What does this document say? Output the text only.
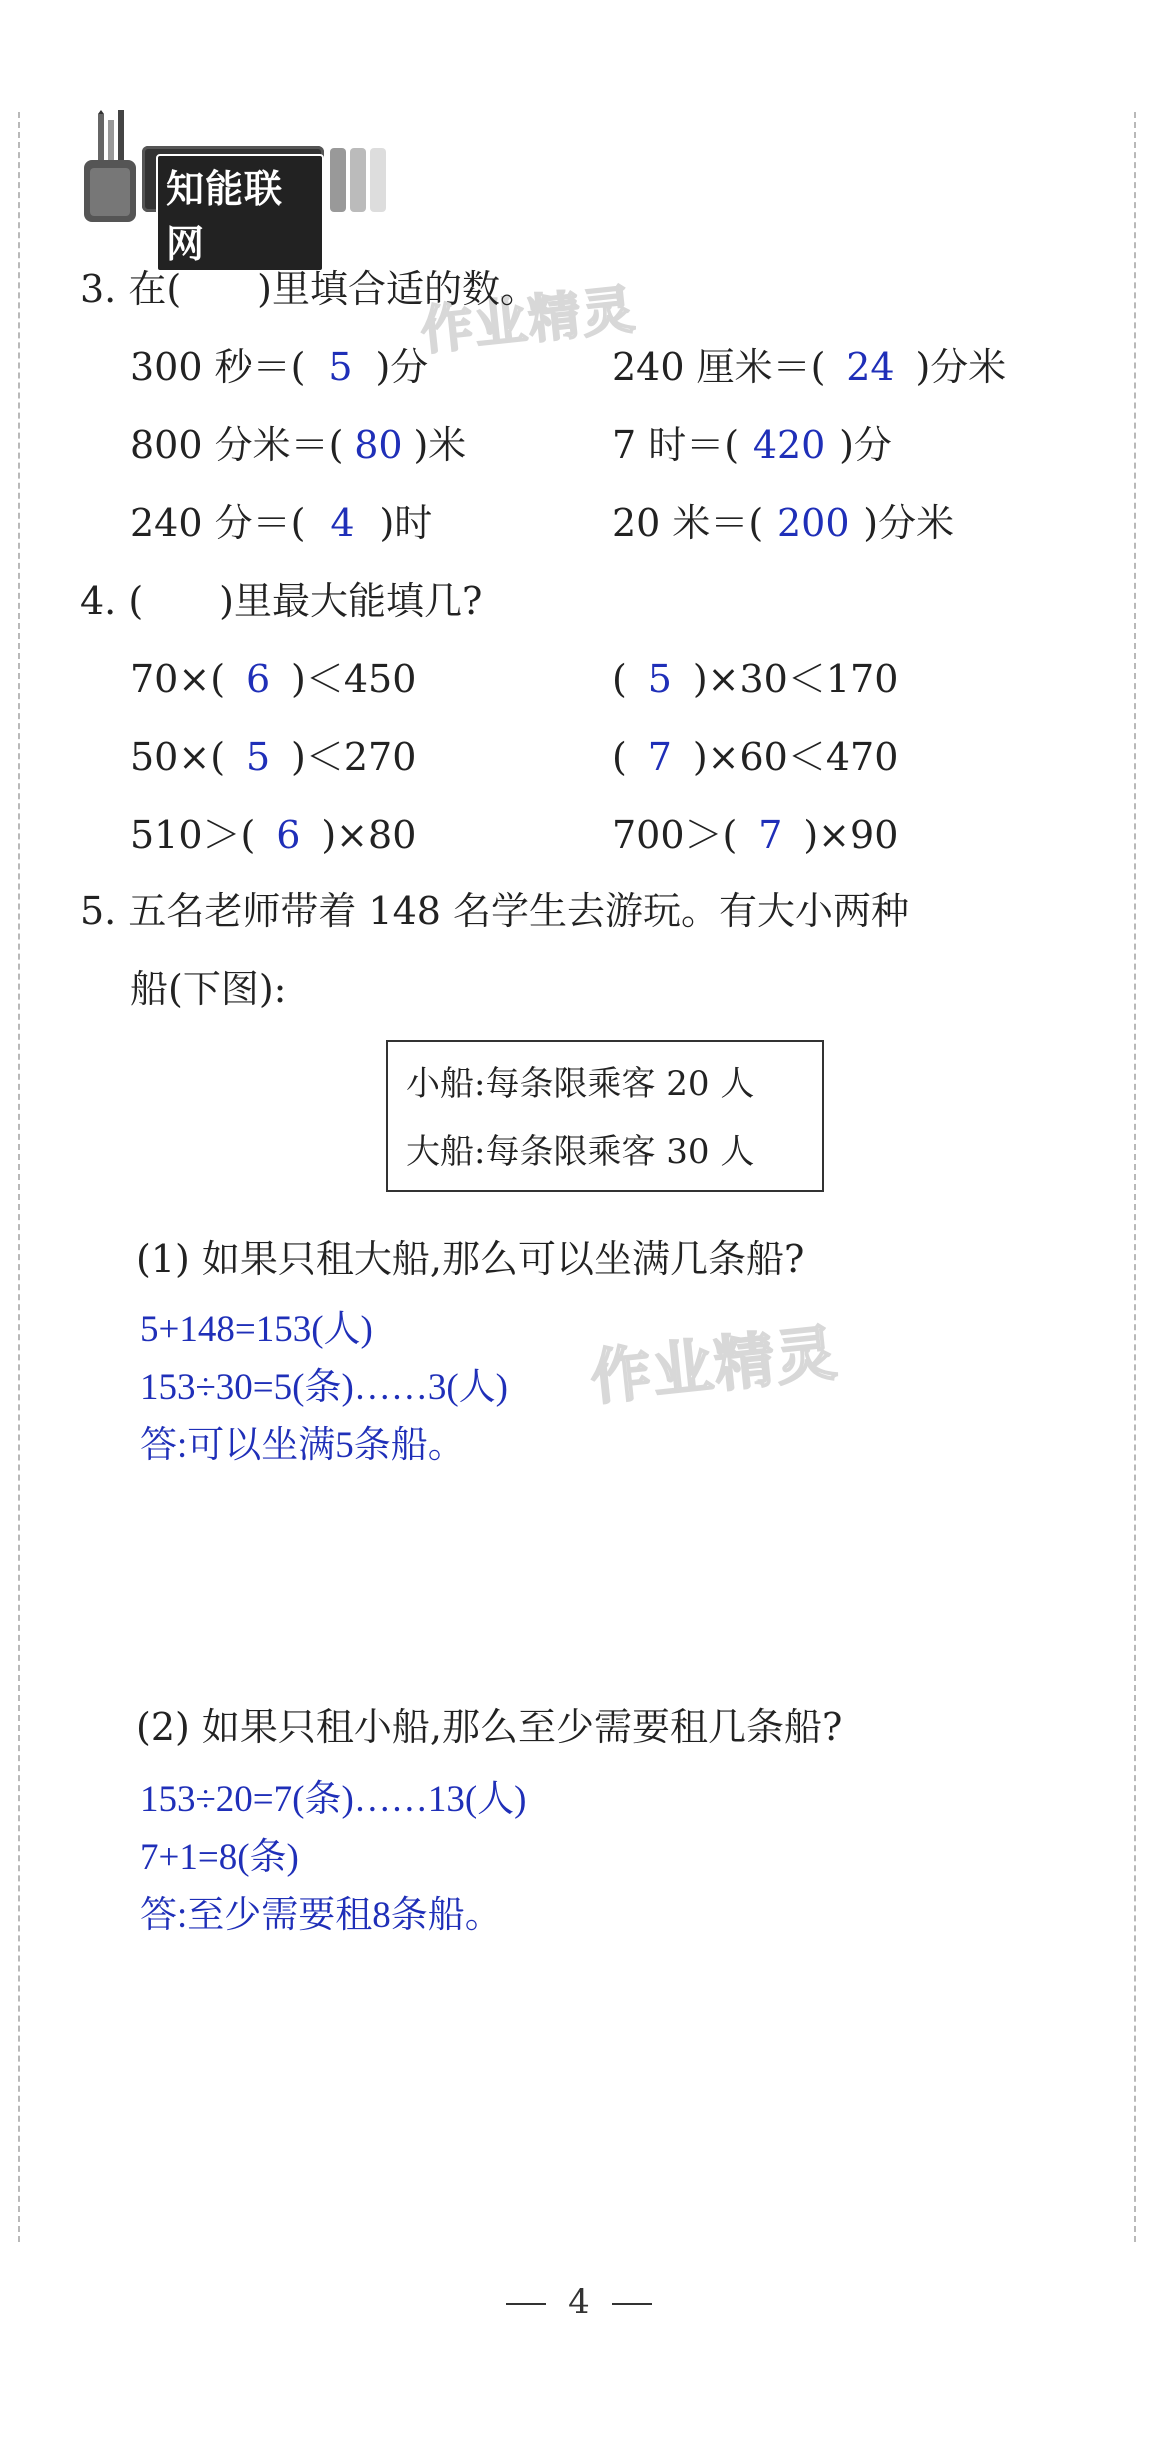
知能联网
作业精灵
作业精灵
3. 在(　　)里填合适的数。
300 秒＝( 5 )分	240 厘米＝( 24 )分米
800 分米＝( 80 )米	7 时＝( 420 )分
240 分＝( 4 )时	20 米＝( 200 )分米
4. (　　)里最大能填几?
70×( 6 )＜450	( 5 )×30＜170
50×( 5 )＜270	( 7 )×60＜470
510＞( 6 )×80	700＞( 7 )×90
5. 五名老师带着 148 名学生去游玩。有大小两种
船(下图):
小船:每条限乘客 20 人
大船:每条限乘客 30 人
(1) 如果只租大船,那么可以坐满几条船?
5+148=153(人)
153÷30=5(条)……3(人)
答:可以坐满5条船。
(2) 如果只租小船,那么至少需要租几条船?
153÷20=7(条)……13(人)
7+1=8(条)
答:至少需要租8条船。
4
